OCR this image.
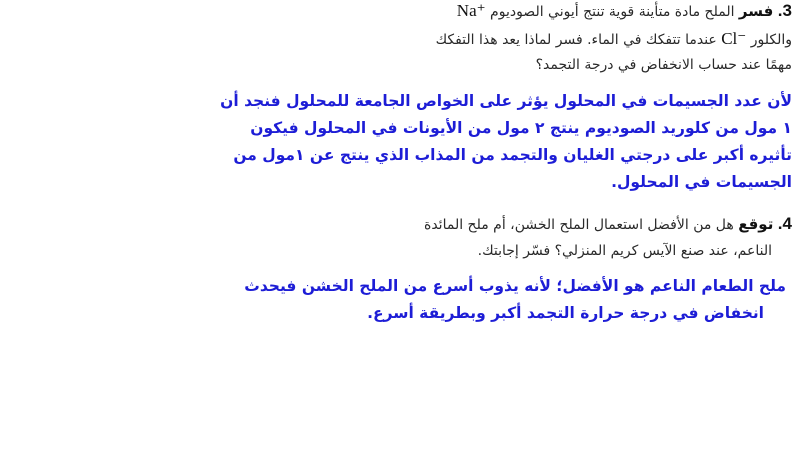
3. فسر الملح مادة متأينة قوية تنتج أيوني الصوديوم Na⁺
والكلور Cl⁻ عندما تتفكك في الماء. فسر لماذا يعد هذا التفكك
مهمًا عند حساب الانخفاض في درجة التجمد؟
لأن عدد الجسيمات في المحلول يؤثر على الخواص الجامعة للمحلول فنجد أن
١ مول من كلوريد الصوديوم ينتج ٢ مول من الأيونات في المحلول فيكون
تأثيره أكبر على درجتي الغليان والتجمد من المذاب الذي ينتج عن ١مول من
الجسيمات في المحلول.
4. توقع هل من الأفضل استعمال الملح الخشن، أم ملح المائدة
الناعم، عند صنع الآيس كريم المنزلي؟ فسّر إجابتك.
ملح الطعام الناعم هو الأفضل؛ لأنه يذوب أسرع من الملح الخشن فيحدث
انخفاض في درجة حرارة التجمد أكبر وبطريقة أسرع.
